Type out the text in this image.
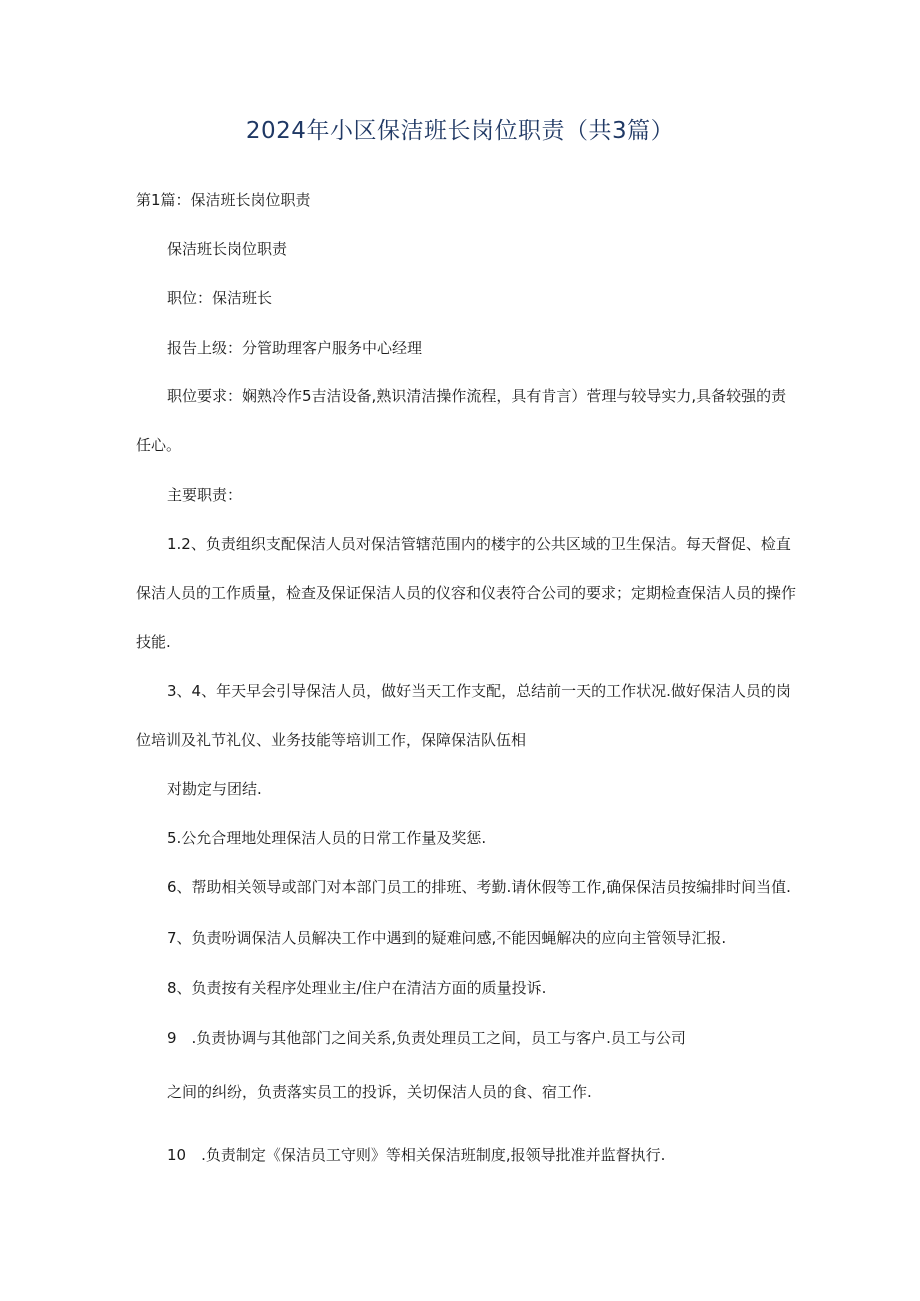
2024年小区保洁班长岗位职责（共3篇）
第1篇：保洁班长岗位职责
保洁班长岗位职责
职位：保洁班长
报告上级：分管助理客户服务中心经理
职位要求：娴熟冷作5吉洁设备,熟识清洁操作流程，具有肯言）菅理与较导实力,具备较强的责
任心。
主要职责：
1.2、负责组织支配保洁人员对保洁管辖范围内的楼宇的公共区域的卫生保洁。每天督促、检直
保洁人员的工作质量，检查及保证保洁人员的仪容和仪表符合公司的要求；定期检查保洁人员的操作
技能.
3、4、年天早会引导保洁人员，做好当天工作支配，总结前一天的工作状况.做好保洁人员的岗
位培训及礼节礼仪、业务技能等培训工作，保障保洁队伍相
对勘定与团结.
5.公允合理地处理保洁人员的日常工作量及奖惩.
6、帮助相关领导或部门对本部门员工的排班、考勤.请休假等工作,确保保洁员按编排时间当值.
7、负责吩调保洁人员解决工作中遇到的疑难问感,不能因蝇解决的应向主管领导汇报.
8、负责按有关程序处理业主/住户在清洁方面的质量投诉.
9　.负责协调与其他部门之间关系,负责处理员工之间，员工与客户.员工与公司
之间的纠纷，负责落实员工的投诉，关切保洁人员的食、宿工作.
10　.负责制定《保洁员工守则》等相关保洁班制度,报领导批准并监督执行.
